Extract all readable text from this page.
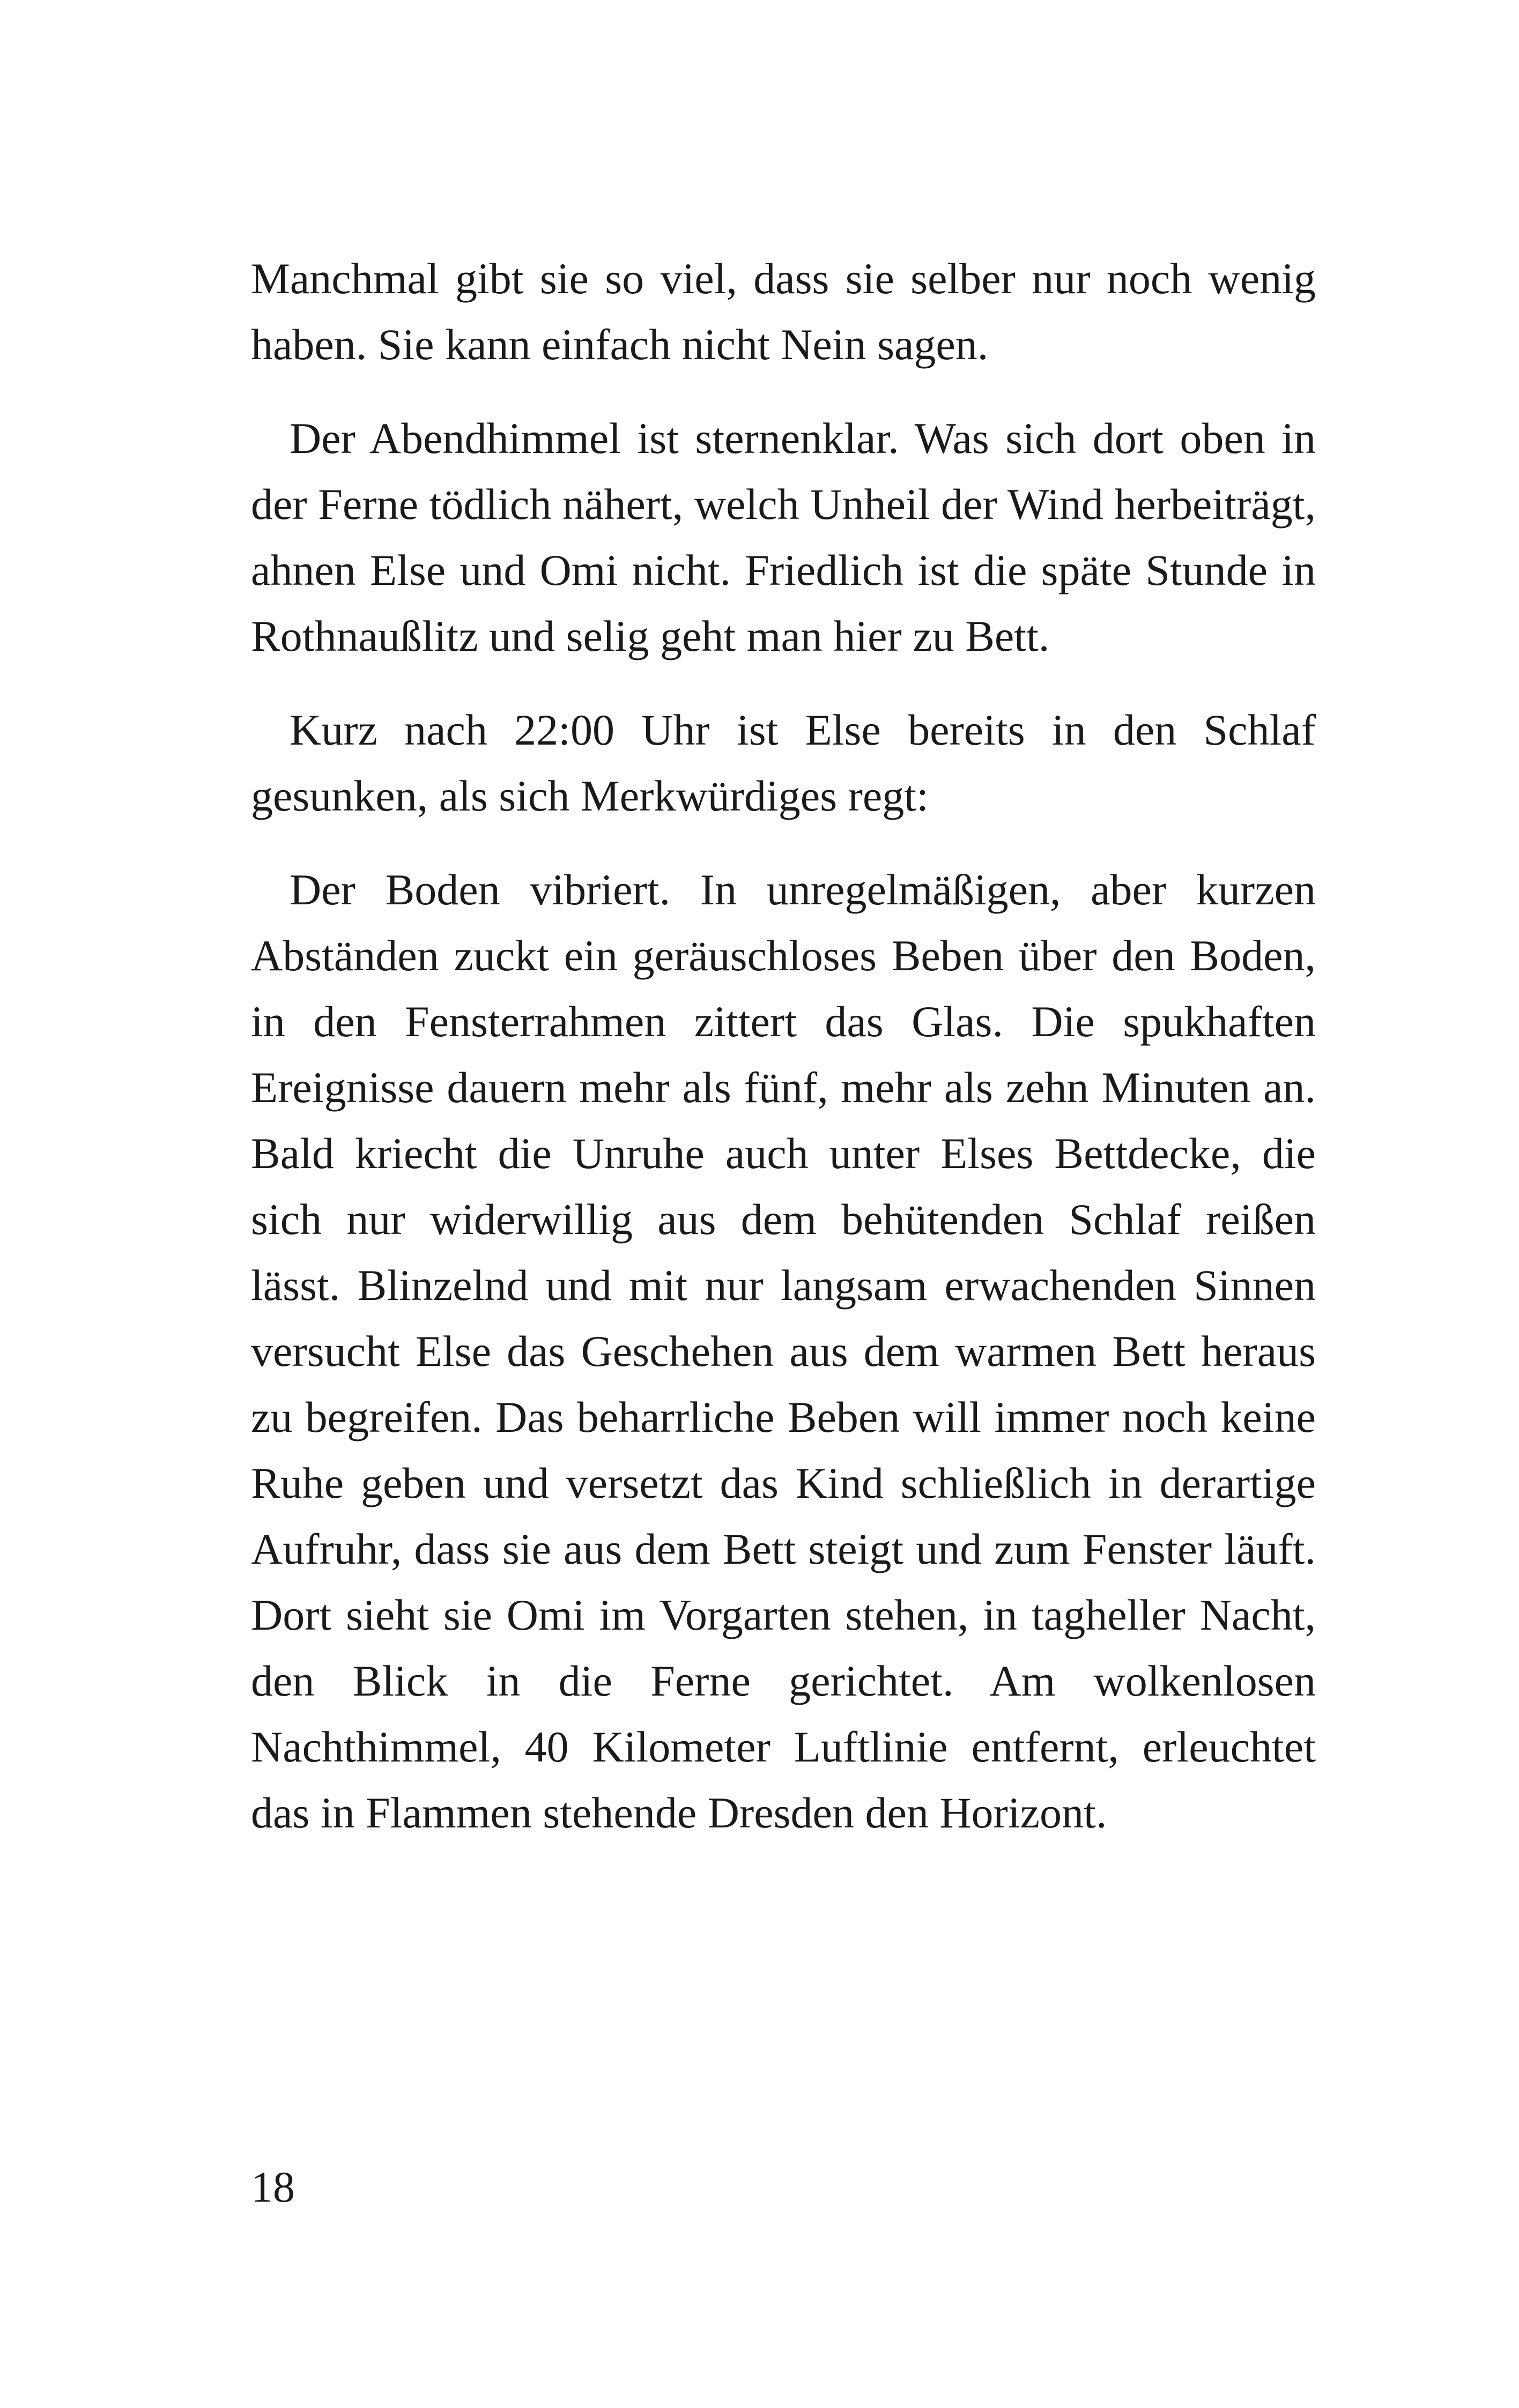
Manchmal gibt sie so viel, dass sie selber nur noch wenig haben. Sie kann einfach nicht Nein sagen.

Der Abendhimmel ist sternenklar. Was sich dort oben in der Ferne tödlich nähert, welch Unheil der Wind herbeiträgt, ahnen Else und Omi nicht. Friedlich ist die späte Stunde in Rothnaußlitz und selig geht man hier zu Bett.

Kurz nach 22:00 Uhr ist Else bereits in den Schlaf gesunken, als sich Merkwürdiges regt:

Der Boden vibriert. In unregelmäßigen, aber kurzen Abständen zuckt ein geräuschloses Beben über den Boden, in den Fensterrahmen zittert das Glas. Die spukhaften Ereignisse dauern mehr als fünf, mehr als zehn Minuten an. Bald kriecht die Unruhe auch unter Elses Bettdecke, die sich nur widerwillig aus dem behütenden Schlaf reißen lässt. Blinzelnd und mit nur langsam erwachenden Sinnen versucht Else das Geschehen aus dem warmen Bett heraus zu begreifen. Das beharrliche Beben will immer noch keine Ruhe geben und versetzt das Kind schließlich in derartige Aufruhr, dass sie aus dem Bett steigt und zum Fenster läuft. Dort sieht sie Omi im Vorgarten stehen, in tagheller Nacht, den Blick in die Ferne gerichtet. Am wolkenlosen Nachthimmel, 40 Kilometer Luftlinie entfernt, erleuchtet das in Flammen stehende Dresden den Horizont.

18
